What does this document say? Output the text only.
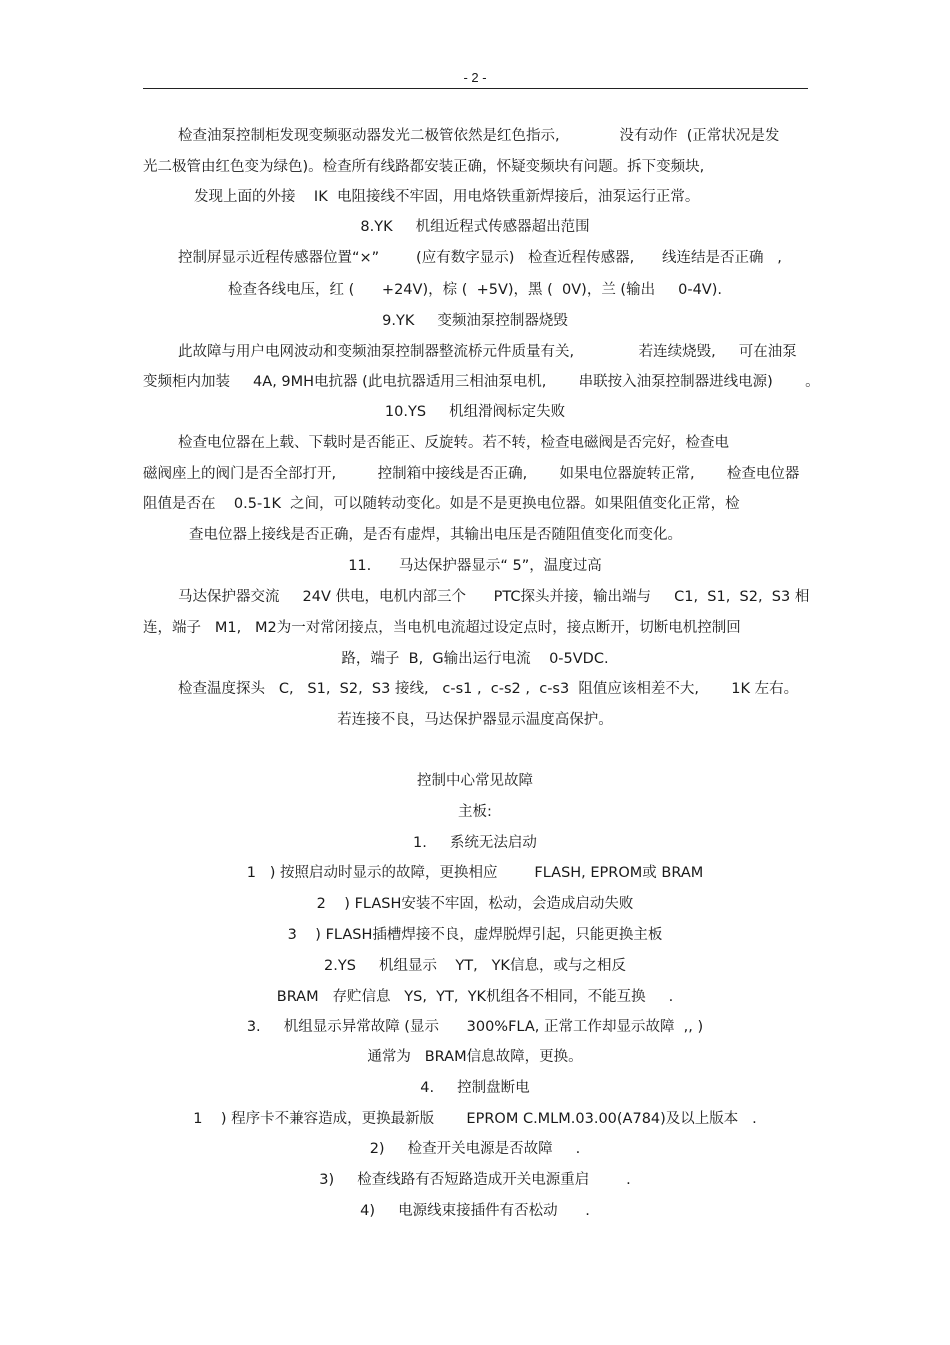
- 2 -

检查油泵控制柜发现变频驱动器发光二极管依然是红色指示,             没有动作  (正常状况是发

光二极管由红色变为绿色)。检查所有线路都安装正确，怀疑变频块有问题。拆下变频块,

发现上面的外接    IK  电阻接线不牢固，用电烙铁重新焊接后，油泵运行正常。

8.YK     机组近程式传感器超出范围

控制屏显示近程传感器位置“×”        (应有数字显示)   检查近程传感器,      线连结是否正确   ,

检查各线电压，红 (      +24V)，棕 (  +5V)，黑 (  0V)，兰 (输出     0-4V).

9.YK     变频油泵控制器烧毁

此故障与用户电网波动和变频油泵控制器整流桥元件质量有关,              若连续烧毁,     可在油泵

变频柜内加装     4A, 9MH电抗器 (此电抗器适用三相油泵电机,       串联按入油泵控制器进线电源)       。

10.YS     机组滑阀标定失败

检查电位器在上载、下载时是否能正、反旋转。若不转，检查电磁阀是否完好，检查电

磁阀座上的阀门是否全部打开,         控制箱中接线是否正确,       如果电位器旋转正常,       检查电位器

阻值是否在    0.5-1K  之间，可以随转动变化。如是不是更换电位器。如果阻值变化正常，检

查电位器上接线是否正确，是否有虚焊，其输出电压是否随阻值变化而变化。

11.      马达保护器显示“ 5”，温度过高

马达保护器交流     24V 供电，电机内部三个      PTC探头并接，输出端与     C1,  S1,  S2,  S3 相

连，端子   M1,   M2为一对常闭接点，当电机电流超过设定点时，接点断开，切断电机控制回

路，端子  B,  G输出运行电流    0-5VDC.

检查温度探头   C,   S1,  S2,  S3 接线,   c-s1 ,  c-s2 ,  c-s3  阻值应该相差不大,       1K 左右。

若连接不良，马达保护器显示温度高保护。

控制中心常见故障

主板:

1.     系统无法启动

1   ) 按照启动时显示的故障，更换相应        FLASH, EPROM或 BRAM

2    ) FLASH安装不牢固，松动，会造成启动失败

3    ) FLASH插槽焊接不良，虚焊脱焊引起，只能更换主板

2.YS     机组显示    YT,   YK信息，或与之相反

BRAM   存贮信息   YS,  YT,  YK机组各不相同，不能互换     .

3.     机组显示异常故障 (显示      300%FLA, 正常工作却显示故障  ,, )

通常为   BRAM信息故障，更换。

4.     控制盘断电

1    ) 程序卡不兼容造成，更换最新版       EPROM C.MLM.03.00(A784)及以上版本   .

2)     检查开关电源是否故障     .

3)     检查线路有否短路造成开关电源重启        .

4)     电源线束接插件有否松动      .
